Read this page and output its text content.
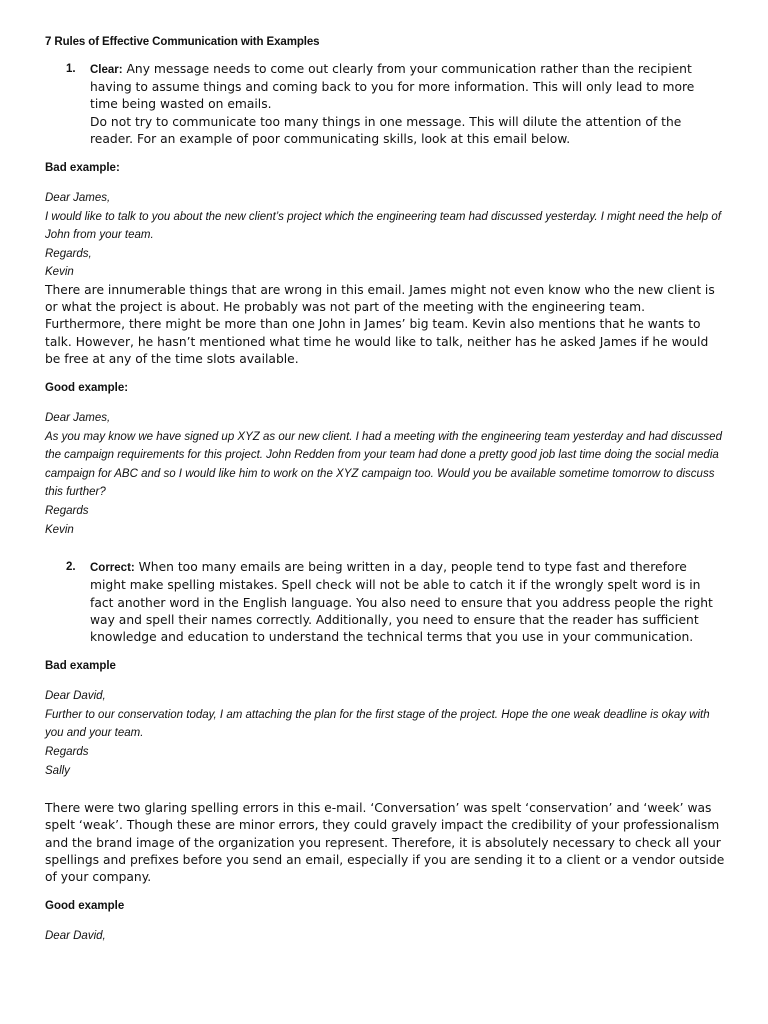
7 Rules of Effective Communication with Examples
1.	Clear: Any message needs to come out clearly from your communication rather than the recipient having to assume things and coming back to you for more information. This will only lead to more time being wasted on emails.

Do not try to communicate too many things in one message. This will dilute the attention of the reader. For an example of poor communicating skills, look at this email below.

Bad example:
Dear James,
I would like to talk to you about the new client’s project which the engineering team had discussed yesterday. I might need the help of John from your team.
Regards,
Kevin
There are innumerable things that are wrong in this email. James might not even know who the new client is or what the project is about. He probably was not part of the meeting with the engineering team. Furthermore, there might be more than one John in James’ big team. Kevin also mentions that he wants to talk. However, he hasn’t mentioned what time he would like to talk, neither has he asked James if he would be free at any of the time slots available.
Good example:
Dear James,
As you may know we have signed up XYZ as our new client. I had a meeting with the engineering team yesterday and had discussed the campaign requirements for this project. John Redden from your team had done a pretty good job last time doing the social media campaign for ABC and so I would like him to work on the XYZ campaign too. Would you be available sometime tomorrow to discuss this further?
Regards
Kevin
2.	Correct: When too many emails are being written in a day, people tend to type fast and therefore might make spelling mistakes. Spell check will not be able to catch it if the wrongly spelt word is in fact another word in the English language. You also need to ensure that you address people the right way and spell their names correctly. Additionally, you need to ensure that the reader has sufficient knowledge and education to understand the technical terms that you use in your communication.

Bad example
Dear David,
Further to our conservation today, I am attaching the plan for the first stage of the project. Hope the one weak deadline is okay with you and your team.
Regards
Sally
There were two glaring spelling errors in this e-mail. ‘Conversation’ was spelt ‘conservation’ and ‘week’ was spelt ‘weak’. Though these are minor errors, they could gravely impact the credibility of your professionalism and the brand image of the organization you represent. Therefore, it is absolutely necessary to check all your spellings and prefixes before you send an email, especially if you are sending it to a client or a vendor outside of your company.
Good example
Dear David,
